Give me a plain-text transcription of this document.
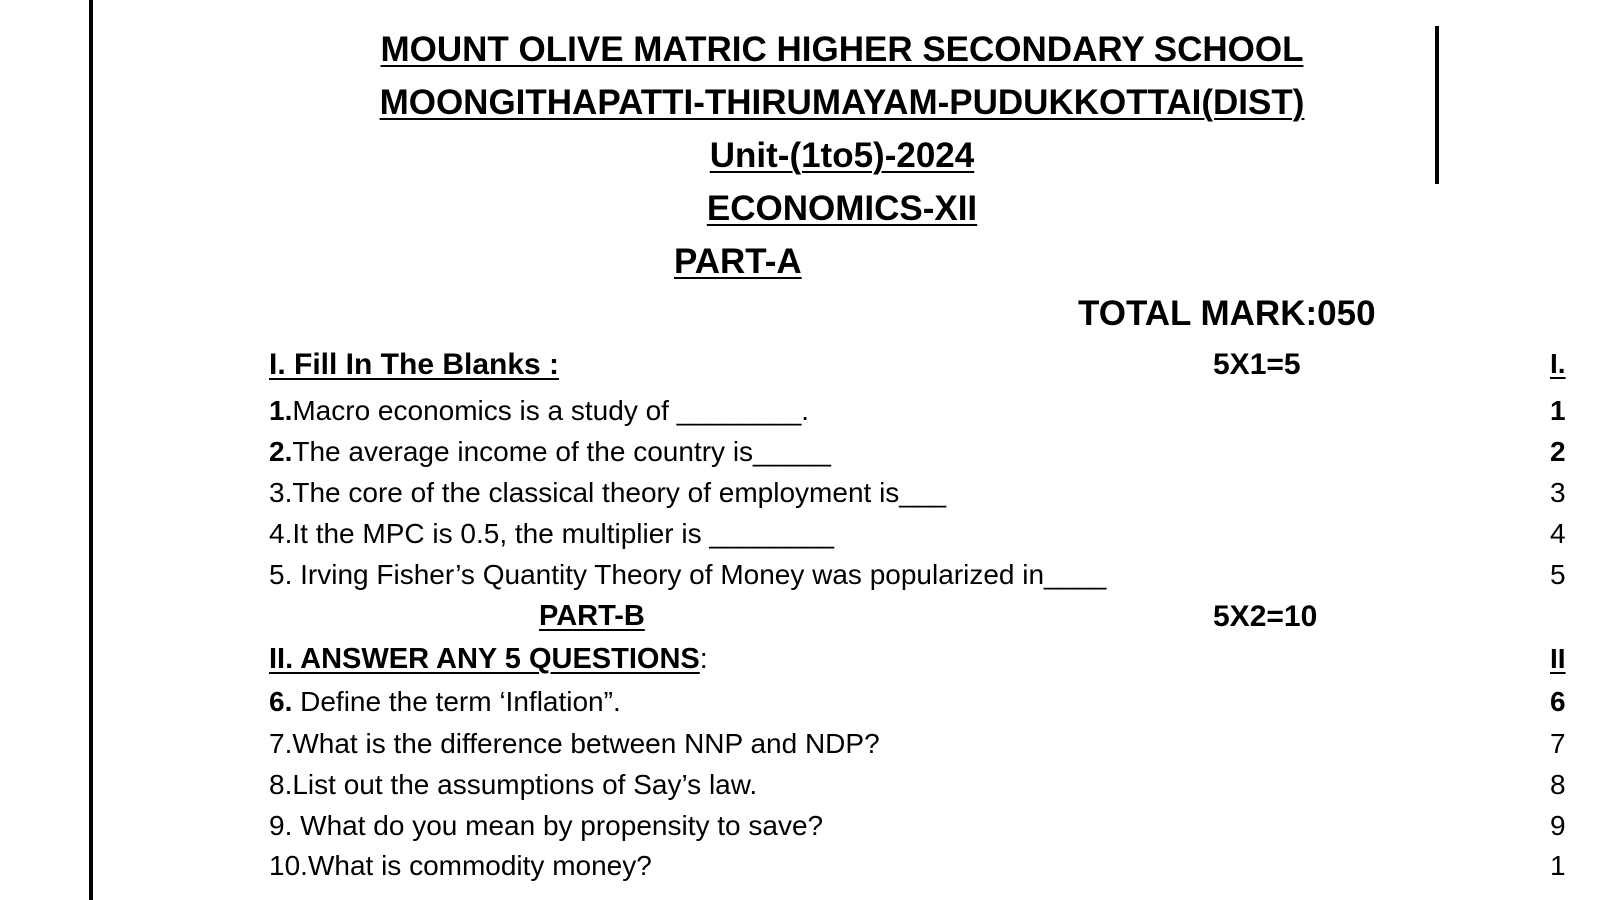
MOUNT OLIVE MATRIC HIGHER SECONDARY SCHOOL
MOONGITHAPATTI-THIRUMAYAM-PUDUKKOTTAI(DIST)
Unit-(1to5)-2024
ECONOMICS-XII
PART-A
TOTAL MARK:050
I. Fill In The Blanks :	5X1=5
1.Macro economics is a study of ________.
2.The average income of the country is_____
3.The core of the classical theory of employment is___
4.It the MPC is 0.5, the multiplier is ________
5. Irving Fisher’s Quantity Theory of Money was popularized in____
PART-B	5X2=10
II. ANSWER ANY 5 QUESTIONS:
6. Define the term ‘Inflation”.
7.What is the difference between NNP and NDP?
8.List out the assumptions of Say’s law.
9. What do you mean by propensity to save?
10.What is commodity money?
I.
1
2
3
4
5
II
6
7
8
9
1
